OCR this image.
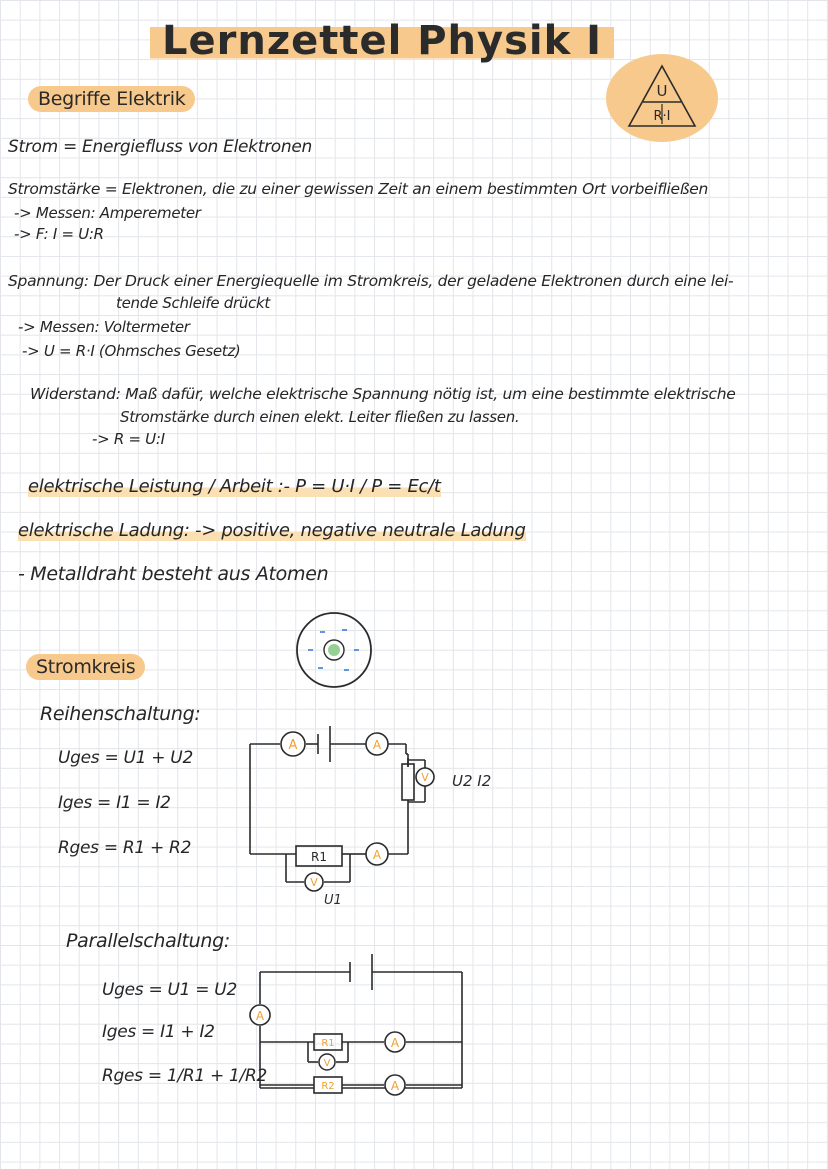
Lernzettel Physik I
U
R·I
Begriffe Elektrik
Strom = Energiefluss von Elektronen
Stromstärke = Elektronen, die zu einer gewissen Zeit an einem bestimmten Ort vorbeifließen
-> Messen: Amperemeter
-> F: I = U:R
Spannung: Der Druck einer Energiequelle im Stromkreis, der geladene Elektronen durch eine lei-
tende Schleife drückt
-> Messen: Voltermeter
-> U = R·I (Ohmsches Gesetz)
Widerstand: Maß dafür, welche elektrische Spannung nötig ist, um eine bestimmte elektrische
Stromstärke durch einen elekt. Leiter fließen zu lassen.
-> R = U:I
elektrische Leistung / Arbeit :- P = U·I / P = Ec/t
elektrische Ladung: -> positive, negative neutrale Ladung
- Metalldraht besteht aus Atomen
Stromkreis
Reihenschaltung:
Uges = U1 + U2
Iges = I1 = I2
Rges = R1 + R2
A	A
V
A
V
R1
U2 I2
U1
Parallelschaltung:
Uges = U1 = U2
Iges = I1 + I2
Rges = 1/R1 + 1/R2
A
A
A
V
R1
R2
